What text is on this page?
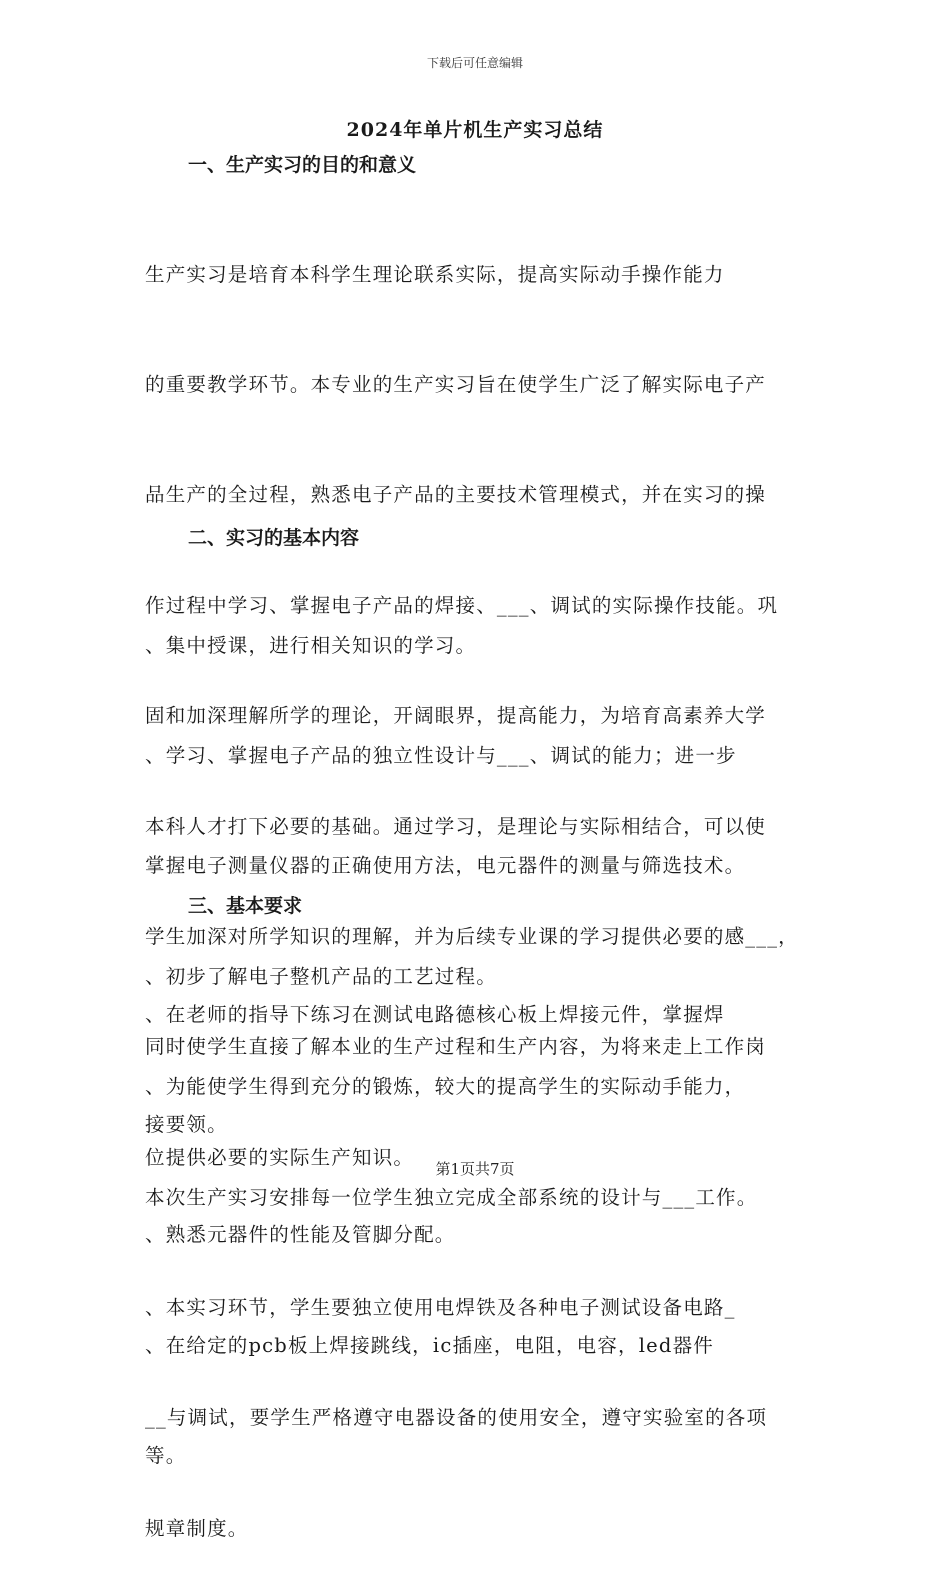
下载后可任意编辑
2024年单片机生产实习总结
一、生产实习的目的和意义

生产实习是培育本科学生理论联系实际，提高实际动手操作能力

的重要教学环节。本专业的生产实习旨在使学生广泛了解实际电子产

品生产的全过程，熟悉电子产品的主要技术管理模式，并在实习的操

作过程中学习、掌握电子产品的焊接、___、调试的实际操作技能。巩

固和加深理解所学的理论，开阔眼界，提高能力，为培育高素养大学

本科人才打下必要的基础。通过学习，是理论与实际相结合，可以使

学生加深对所学知识的理解，并为后续专业课的学习提供必要的感___，

同时使学生直接了解本业的生产过程和生产内容，为将来走上工作岗

位提供必要的实际生产知识。

二、实习的基本内容

、集中授课，进行相关知识的学习。

、学习、掌握电子产品的独立性设计与___、调试的能力；进一步

掌握电子测量仪器的正确使用方法，电元器件的测量与筛选技术。

、初步了解电子整机产品的工艺过程。

、为能使学生得到充分的锻炼，较大的提高学生的实际动手能力，

本次生产实习安排每一位学生独立完成全部系统的设计与___工作。

、本实习环节，学生要独立使用电焊铁及各种电子测试设备电路_

__与调试，要学生严格遵守电器设备的使用安全，遵守实验室的各项

规章制度。

三、基本要求

、在老师的指导下练习在测试电路德核心板上焊接元件，掌握焊

接要领。

、熟悉元器件的性能及管脚分配。

、在给定的pcb板上焊接跳线，ic插座，电阻，电容，led器件

等。

第1页共7页
